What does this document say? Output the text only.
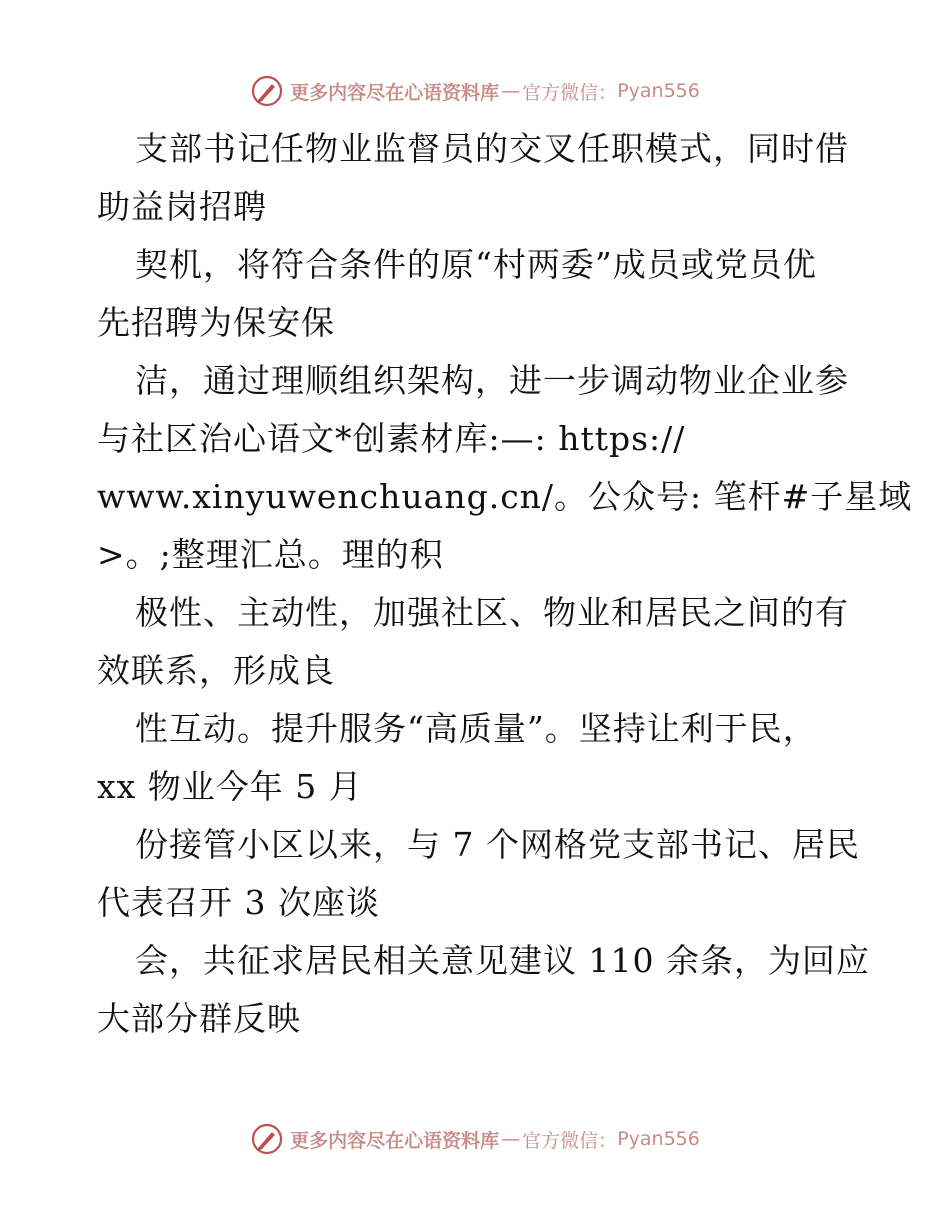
更多内容尽在心语资料库 — 官方微信： Pyan556
支部书记任物业监督员的交叉任职模式，同时借
助益岗招聘
契机，将符合条件的原“村两委”成员或党员优
先招聘为保安保
洁，通过理顺组织架构，进一步调动物业企业参
与社区治心语文*创素材库:—: https://
www.xinyuwenchuang.cn/。公众号: 笔杆#子星域
>。;整理汇总。理的积
极性、主动性，加强社区、物业和居民之间的有
效联系，形成良
性互动。提升服务“高质量”。坚持让利于民，
xx 物业今年 5 月
份接管小区以来，与 7 个网格党支部书记、居民
代表召开 3 次座谈
会，共征求居民相关意见建议 110 余条，为回应
大部分群反映
更多内容尽在心语资料库 — 官方微信： Pyan556
